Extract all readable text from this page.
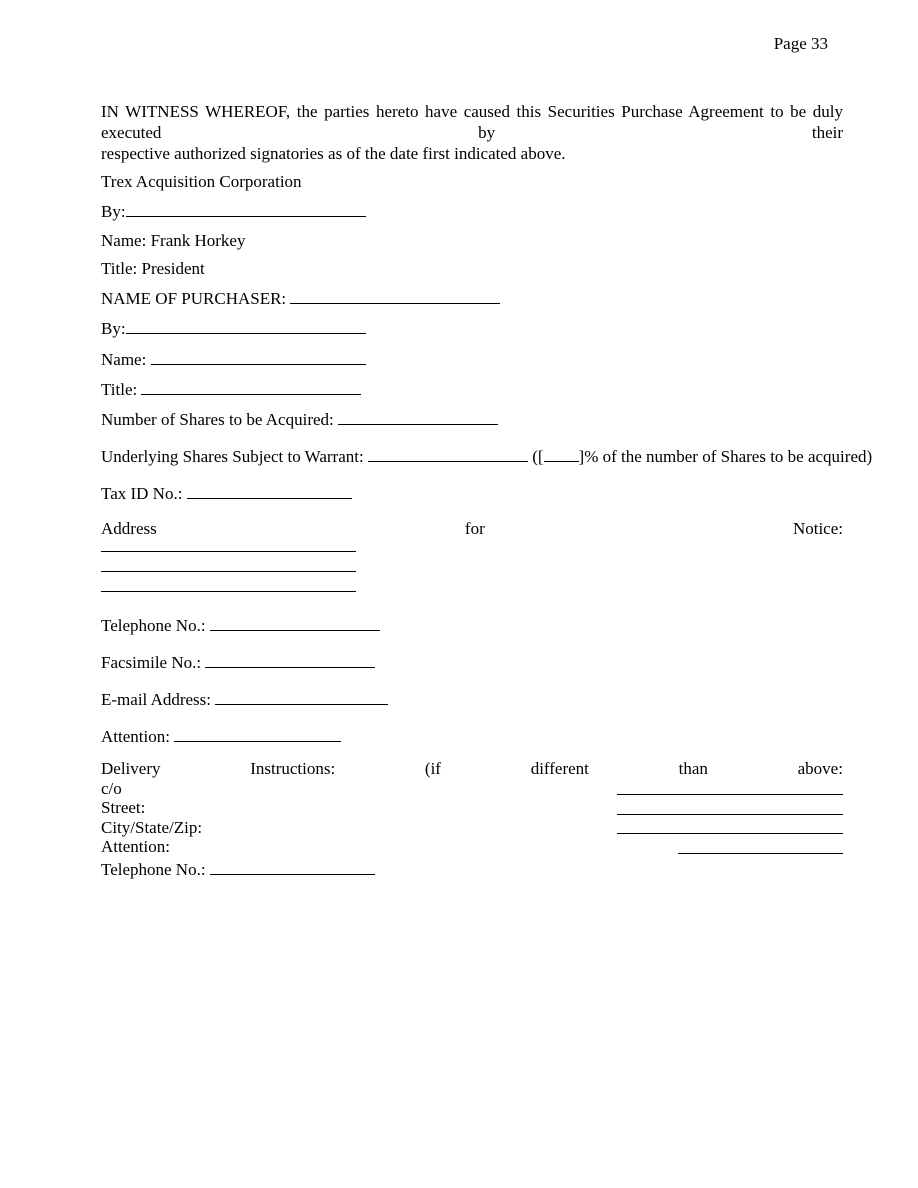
Page 33

IN WITNESS WHEREOF, the parties hereto have caused this Securities Purchase Agreement to be duly executed by their
respective authorized signatories as of the date first indicated above.

Trex Acquisition Corporation
By:
Name: Frank Horkey
Title: President
NAME OF PURCHASER:
By:
Name:
Title:
Number of Shares to be Acquired:
Underlying Shares Subject to Warrant:	([ ]% of the number of Shares to be acquired)
Tax ID No.:
Address	for	Notice:
Telephone No.:
Facsimile No.:
E-mail Address:
Attention:
Delivery	Instructions:	(if	different	than	above:
c/o
Street:
City/State/Zip:
Attention:
Telephone No.:
